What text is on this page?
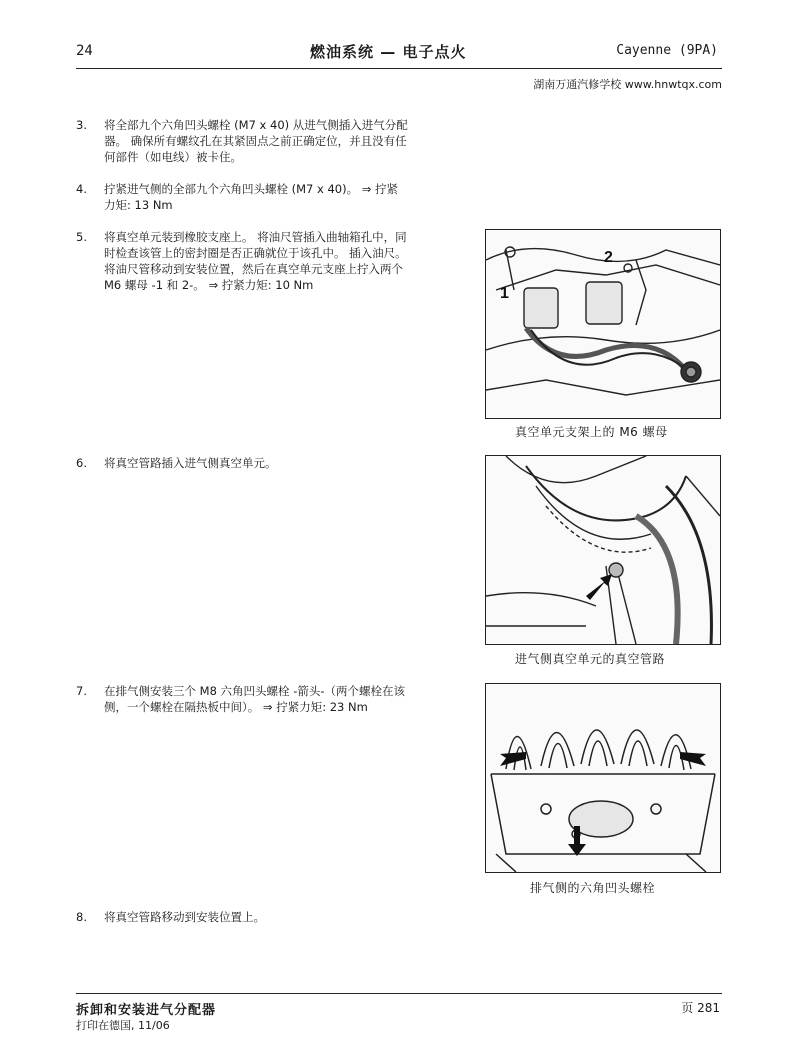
24	燃油系统 — 电子点火	Cayenne (9PA)
湖南万通汽修学校 www.hnwtqx.com
3.	将全部九个六角凹头螺栓 (M7 x 40) 从进气侧插入进气分配
器。 确保所有螺纹孔在其紧固点之前正确定位，并且没有任
何部件（如电线）被卡住。
4.	拧紧进气侧的全部九个六角凹头螺栓 (M7 x 40)。 ⇒ 拧紧
力矩: 13 Nm
5.	将真空单元装到橡胶支座上。 将油尺管插入曲轴箱孔中，同
时检查该管上的密封圈是否正确就位于该孔中。 插入油尺。
将油尺管移动到安装位置，然后在真空单元支座上拧入两个
M6 螺母 -1 和 2-。 ⇒ 拧紧力矩: 10 Nm
6.	将真空管路插入进气侧真空单元。
7.	在排气侧安装三个 M8 六角凹头螺栓 -箭头-（两个螺栓在该
侧，一个螺栓在隔热板中间）。 ⇒ 拧紧力矩: 23 Nm
8.	将真空管路移动到安装位置上。
2
1
真空单元支架上的 M6 螺母
进气侧真空单元的真空管路
排气侧的六角凹头螺栓
拆卸和安装进气分配器
打印在德国, 11/06
页 281
